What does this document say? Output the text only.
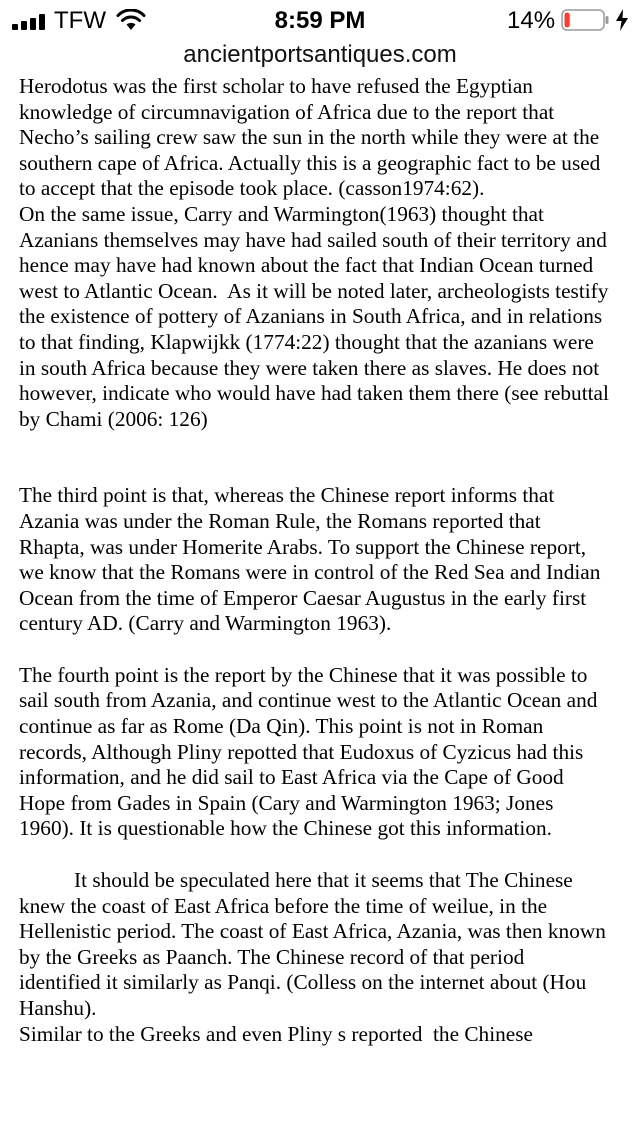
TFW	8:59 PM	14%
ancientportsantiques.com

Herodotus was the first scholar to have refused the Egyptian knowledge of circumnavigation of Africa due to the report that Necho’s sailing crew saw the sun in the north while they were at the southern cape of Africa. Actually this is a geographic fact to be used to accept that the episode took place. (casson1974:62).

On the same issue, Carry and Warmington(1963) thought that Azanians themselves may have had sailed south of their territory and hence may have had known about the fact that Indian Ocean turned west to Atlantic Ocean.  As it will be noted later, archeologists testify the existence of pottery of Azanians in South Africa, and in relations to that finding, Klapwijkk (1774:22) thought that the azanians were  in south Africa because they were taken there as slaves. He does not however, indicate who would have had taken them there (see rebuttal by Chami (2006: 126)

The third point is that, whereas the Chinese report informs that Azania was under the Roman Rule, the Romans reported that Rhapta, was under Homerite Arabs. To support the Chinese report, we know that the Romans were in control of the Red Sea and Indian Ocean from the time of Emperor Caesar Augustus in the early first century AD. (Carry and Warmington 1963).

The fourth point is the report by the Chinese that it was possible to sail south from Azania, and continue west to the Atlantic Ocean and continue as far as Rome (Da Qin). This point is not in Roman records, Although Pliny repotted that Eudoxus of Cyzicus had this information, and he did sail to East Africa via the Cape of Good Hope from Gades in Spain (Cary and Warmington 1963; Jones 1960). It is questionable how the Chinese got this information.

It should be speculated here that it seems that The Chinese knew the coast of East Africa before the time of weilue, in the Hellenistic period. The coast of East Africa, Azania, was then known by the Greeks as Paanch. The Chinese record of that period identified it similarly as Panqi. (Colless on the internet about (Hou Hanshu).

Similar to the Greeks and even Pliny s reported  the Chinese
